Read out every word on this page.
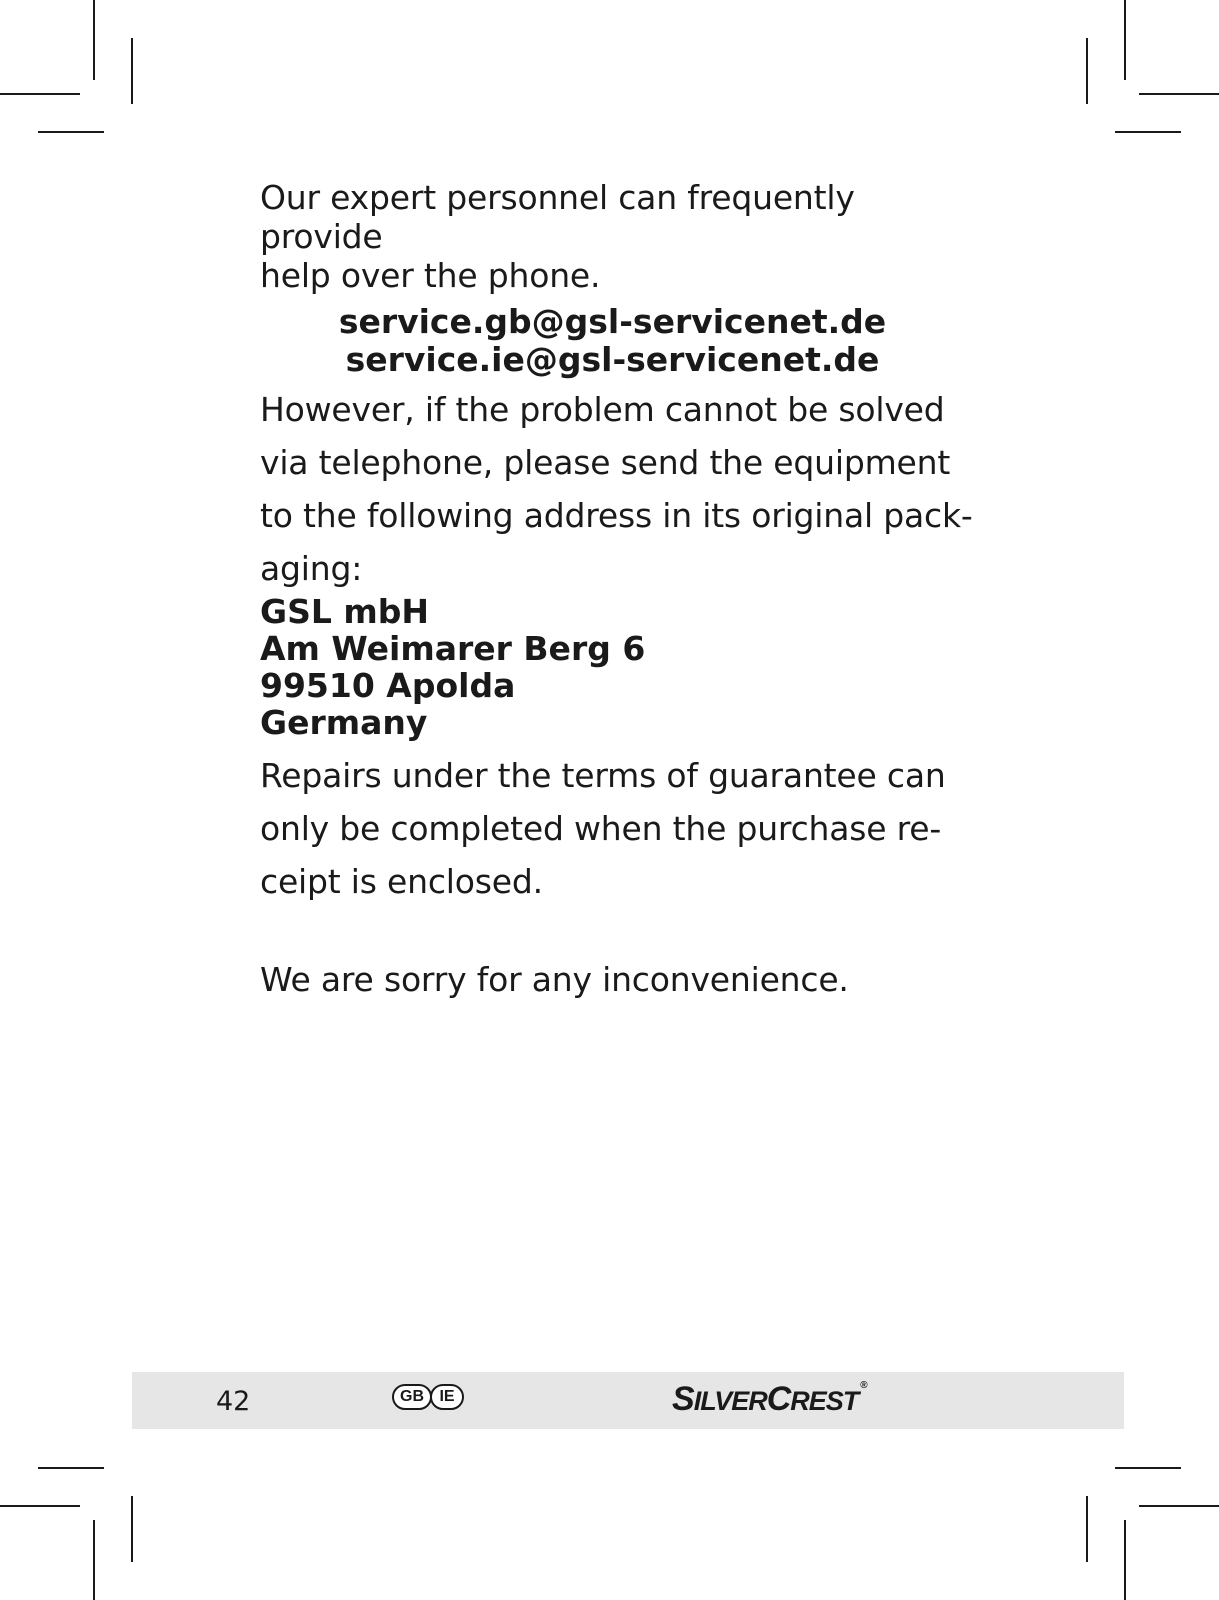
Our expert personnel can frequently provide

help over the phone.

service.gb@gsl-servicenet.de

service.ie@gsl-servicenet.de

However, if the problem cannot be solved

via telephone, please send the equipment

to the following address in its original pack-

aging:

GSL mbH

Am Weimarer Berg 6

99510 Apolda

Germany

Repairs under the terms of guarantee can

only be completed when the purchase re-

ceipt is enclosed.

We are sorry for any inconvenience.

42	GB IE	SILVERCREST®
